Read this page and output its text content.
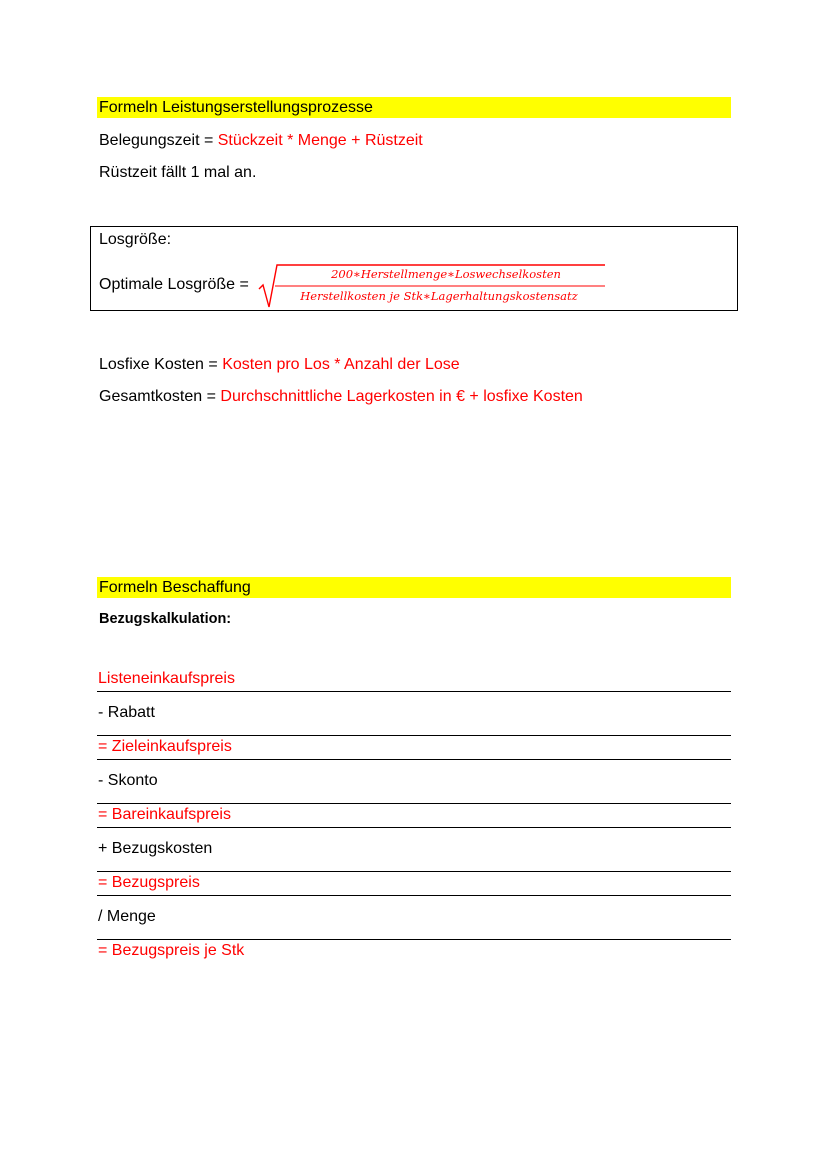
Formeln Leistungserstellungsprozesse
Belegungszeit = Stückzeit * Menge + Rüstzeit
Rüstzeit fällt 1 mal an.
Losgröße:
Optimale Losgröße =
200∗Herstellmenge∗Loswechselkosten
Herstellkosten je Stk∗Lagerhaltungskostensatz
Losfixe Kosten = Kosten pro Los * Anzahl der Lose
Gesamtkosten = Durchschnittliche Lagerkosten in € + losfixe Kosten
Formeln Beschaffung
Bezugskalkulation:
Listeneinkaufspreis
- Rabatt
= Zieleinkaufspreis
- Skonto
= Bareinkaufspreis
+ Bezugskosten
= Bezugspreis
/ Menge
= Bezugspreis je Stk
